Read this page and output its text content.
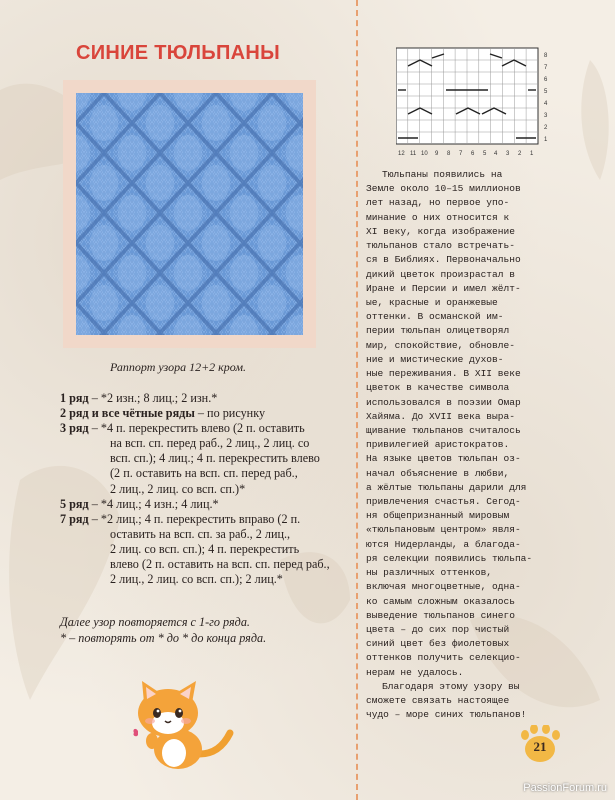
СИНИЕ ТЮЛЬПАНЫ
Раппорт узора 12+2 кром.

1 ряд – *2 изн.; 8 лиц.; 2 изн.*

2 ряд и все чётные ряды – по рисунку

3 ряд – *4 п. перекрестить влево (2 п. оставить

на всп. сп. перед раб., 2 лиц., 2 лиц. со

всп. сп.); 4 лиц.; 4 п. перекрестить влево

(2 п. оставить на всп. сп. перед раб.,

2 лиц., 2 лиц. со всп. сп.)*

5 ряд – *4 лиц.; 4 изн.; 4 лиц.*

7 ряд – *2 лиц.; 4 п. перекрестить вправо (2 п.

оставить на всп. сп. за раб., 2 лиц.,

2 лиц. со всп. сп.); 4 п. перекрестить

влево (2 п. оставить на всп. сп. перед раб.,

2 лиц., 2 лиц. со всп. сп.); 2 лиц.*

Далее узор повторяется с 1-го ряда.
* – повторять от * до * до конца ряда.
8
7
6
5
4
3
2
1
12 11 10 9 8 7 6 5 4 3 2 1

Тюльпаны появились на

Земле около 10–15 миллионов

лет назад, но первое упо-

минание о них относится к

XI веку, когда изображение

тюльпанов стало встречать-

ся в Библиях. Первоначально

дикий цветок произрастал в

Иране и Персии и имел жёлт-

ые, красные и оранжевые

оттенки. В османской им-

перии тюльпан олицетворял

мир, спокойствие, обновле-

ние и мистические духов-

ные переживания. В XII веке

цветок в качестве символа

использовался в поэзии Омар

Хайяма. До XVII века выра-

щивание тюльпанов считалось

привилегией аристократов.

На языке цветов тюльпан оз-

начал объяснение в любви,

а жёлтые тюльпаны дарили для

привлечения счастья. Сегод-

ня общепризнанный мировым

«тюльпановым центром» явля-

ются Нидерланды, а благода-

ря селекции появились тюльпа-

ны различных оттенков,

включая многоцветные, одна-

ко самым сложным оказалось

выведение тюльпанов синего

цвета – до сих пор чистый

синий цвет без фиолетовых

оттенков получить селекцио-

нерам не удалось.

Благодаря этому узору вы

сможете связать настоящее

чудо – море синих тюльпанов!

21
PassionForum.ru
